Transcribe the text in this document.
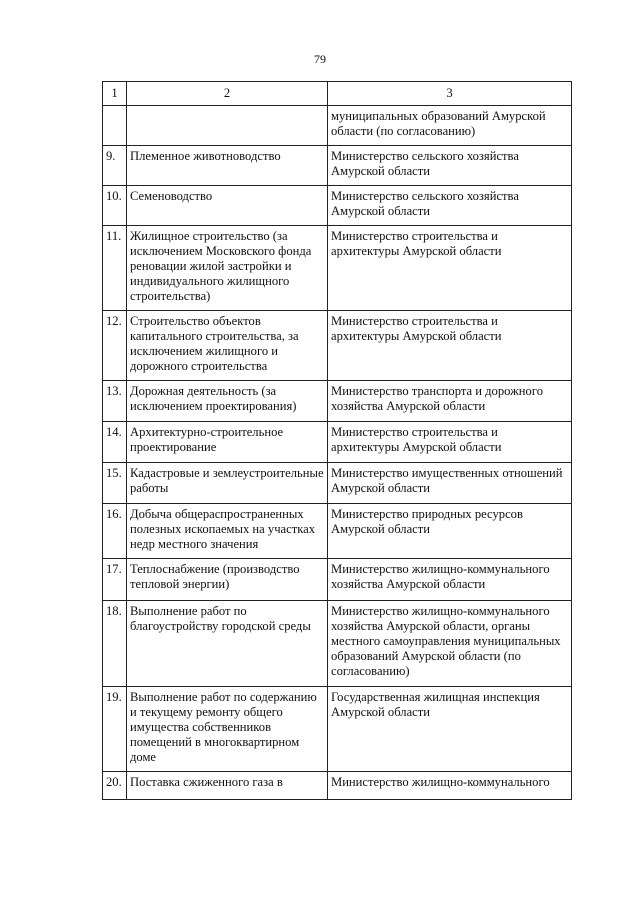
79
1	2	3
		муниципальных образований Амурской области (по согласованию)
9.	Племенное животноводство	Министерство сельского хозяйства Амурской области
10.	Семеноводство	Министерство сельского хозяйства Амурской области
11.	Жилищное строительство (за исключением Московского фонда реновации жилой застройки и индивидуального жилищного строительства)	Министерство строительства и архитектуры Амурской области
12.	Строительство объектов капитального строительства, за исключением жилищного и дорожного строительства	Министерство строительства и архитектуры Амурской области
13.	Дорожная деятельность (за исключением проектирования)	Министерство транспорта и дорожного хозяйства Амурской области
14.	Архитектурно-строительное проектирование	Министерство строительства и архитектуры Амурской области
15.	Кадастровые и землеустроительные работы	Министерство имущественных отношений Амурской области
16.	Добыча общераспространенных полезных ископаемых на участках недр местного значения	Министерство природных ресурсов Амурской области
17.	Теплоснабжение (производство тепловой энергии)	Министерство жилищно-коммунального хозяйства Амурской области
18.	Выполнение работ по благоустройству городской среды	Министерство жилищно-коммунального хозяйства Амурской области, органы местного самоуправления муниципальных образований Амурской области (по согласованию)
19.	Выполнение работ по содержанию и текущему ремонту общего имущества собственников помещений в многоквартирном доме	Государственная жилищная инспекция Амурской области
20.	Поставка сжиженного газа в	Министерство жилищно-коммунального
